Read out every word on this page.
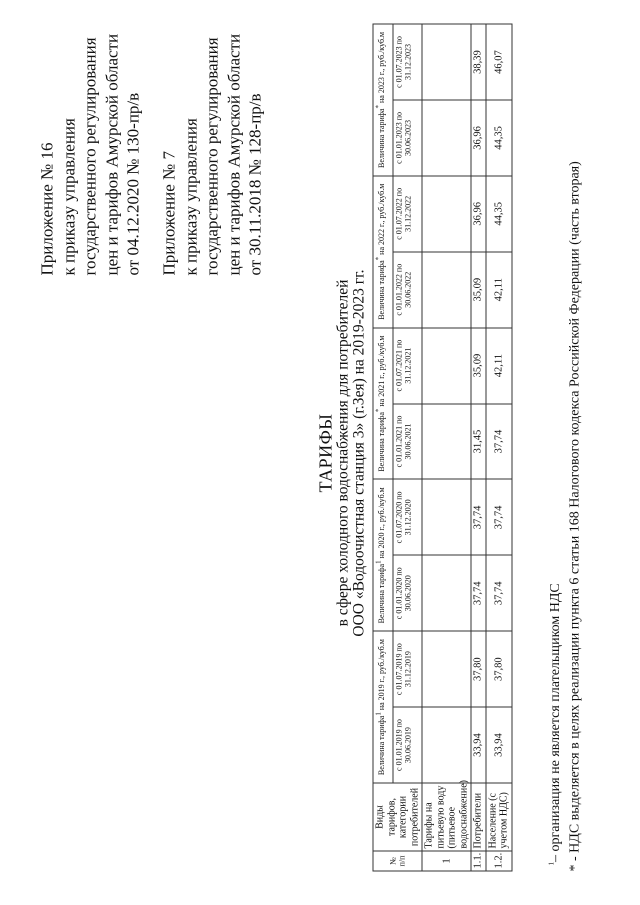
Приложение № 16 к приказу управления государственного регулирования цен и тарифов Амурской области от 04.12.2020 № 130-пр/в Приложение № 7 к приказу управления государственного регулирования цен и тарифов Амурской области от 30.11.2018 № 128-пр/в
ТАРИФЫ в сфере холодного водоснабжения для потребителей ООО «Водоочистная станция 3» (г.Зея) на 2019-2023 гг.
№ п/п	Виды тарифов, категории потребителей	Величина тарифа$^1$ на 2019 г., руб./куб.м		Величина тарифа$^1$ на 2020 г., руб./куб.м		Величина тарифа* на 2021 г., руб./куб.м		Величина тарифа* на 2022 г., руб./куб.м		Величина тарифа* на 2023 г., руб./куб.м	
		с 01.01.2019 по 30.06.2019	с 01.07.2019 по 31.12.2019	с 01.01.2020 по 30.06.2020	с 01.07.2020 по 31.12.2020	с 01.01.2021 по 30.06.2021	с 01.07.2021 по 31.12.2021	с 01.01.2022 по 30.06.2022	с 01.07.2022 по 31.12.2022	с 01.01.2023 по 30.06.2023	с 01.07.2023 по 31.12.2023
1	Тарифы на питьевую воду (питьевое водоснабжение)										
1.1.	Потребители	33,94	37,80	37,74	37,74	31,45	35,09	35,09	36,96	36,96	38,39
1.2.	Население (с учетом НДС)	33,94	37,80	37,74	37,74	37,74	42,11	42,11	44,35	44,35	46,07
$^1$– организация не является плательщиком НДС * - НДС выделяется в целях реализации пункта 6 статьи 168 Налогового кодекса Российской Федерации (часть вторая)
